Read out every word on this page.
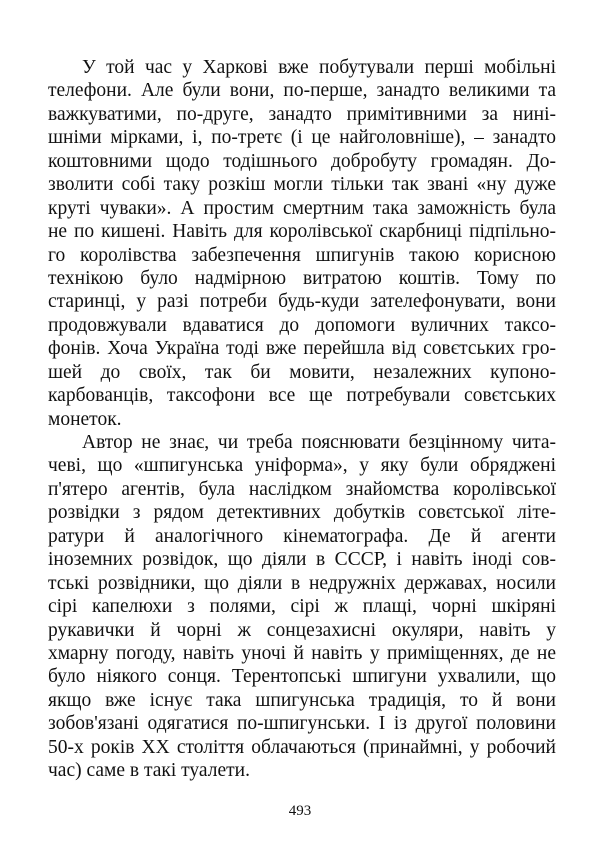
У той час у Харкові вже побутували перші мобільні
телефони. Але були вони, по-перше, занадто великими та
важкуватими, по-друге, занадто примітивними за нині-
шніми мірками, і, по-третє (і це найголовніше), – занадто
коштовними щодо тодішнього добробуту громадян. До-
зволити собі таку розкіш могли тільки так звані «ну дуже
круті чуваки». А простим смертним така заможність була
не по кишені. Навіть для королівської скарбниці підпільно-
го королівства забезпечення шпигунів такою корисною
технікою було надмірною витратою коштів. Тому по
старинці, у разі потреби будь-куди зателефонувати, вони
продовжували вдаватися до допомоги вуличних таксо-
фонів. Хоча Україна тоді вже перейшла від совєтських гро-
шей до своїх, так би мовити, незалежних купоно-
карбованців, таксофони все ще потребували совєтських
монеток.
Автор не знає, чи треба пояснювати безцінному чита-
чеві, що «шпигунська уніформа», у яку були обряджені
п'ятеро агентів, була наслідком знайомства королівської
розвідки з рядом детективних добутків совєтської літе-
ратури й аналогічного кінематографа. Де й агенти
іноземних розвідок, що діяли в СССР, і навіть іноді сов-
тські розвідники, що діяли в недружніх державах, носили
сірі капелюхи з полями, сірі ж плащі, чорні шкіряні
рукавички й чорні ж сонцезахисні окуляри, навіть у
хмарну погоду, навіть уночі й навіть у приміщеннях, де не
було ніякого сонця. Терентопські шпигуни ухвалили, що
якщо вже існує така шпигунська традиція, то й вони
зобов'язані одягатися по-шпигунськи. І із другої половини
50-х років XX століття облачаються (принаймні, у робочий
час) саме в такі туалети.
493
